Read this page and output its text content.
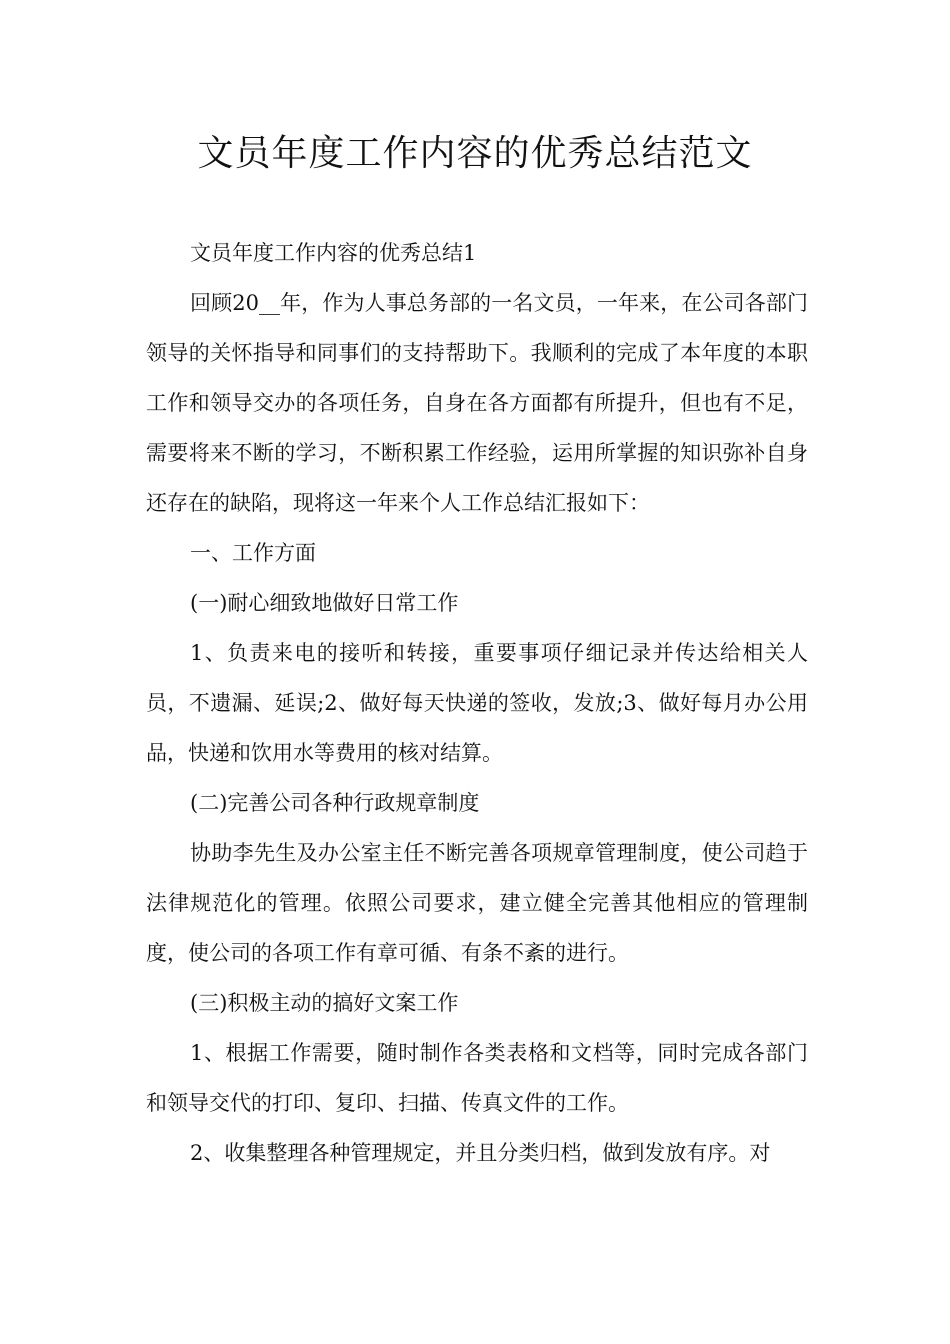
文员年度工作内容的优秀总结范文

文员年度工作内容的优秀总结1

回顾20__年，作为人事总务部的一名文员，一年来，在公司各部门领导的关怀指导和同事们的支持帮助下。我顺利的完成了本年度的本职工作和领导交办的各项任务，自身在各方面都有所提升，但也有不足，需要将来不断的学习，不断积累工作经验，运用所掌握的知识弥补自身还存在的缺陷，现将这一年来个人工作总结汇报如下：

一、工作方面

(一)耐心细致地做好日常工作

1、负责来电的接听和转接，重要事项仔细记录并传达给相关人员，不遗漏、延误;2、做好每天快递的签收，发放;3、做好每月办公用品，快递和饮用水等费用的核对结算。

(二)完善公司各种行政规章制度

协助李先生及办公室主任不断完善各项规章管理制度，使公司趋于法律规范化的管理。依照公司要求，建立健全完善其他相应的管理制度，使公司的各项工作有章可循、有条不紊的进行。

(三)积极主动的搞好文案工作

1、根据工作需要，随时制作各类表格和文档等，同时完成各部门和领导交代的打印、复印、扫描、传真文件的工作。

2、收集整理各种管理规定，并且分类归档，做到发放有序。对
